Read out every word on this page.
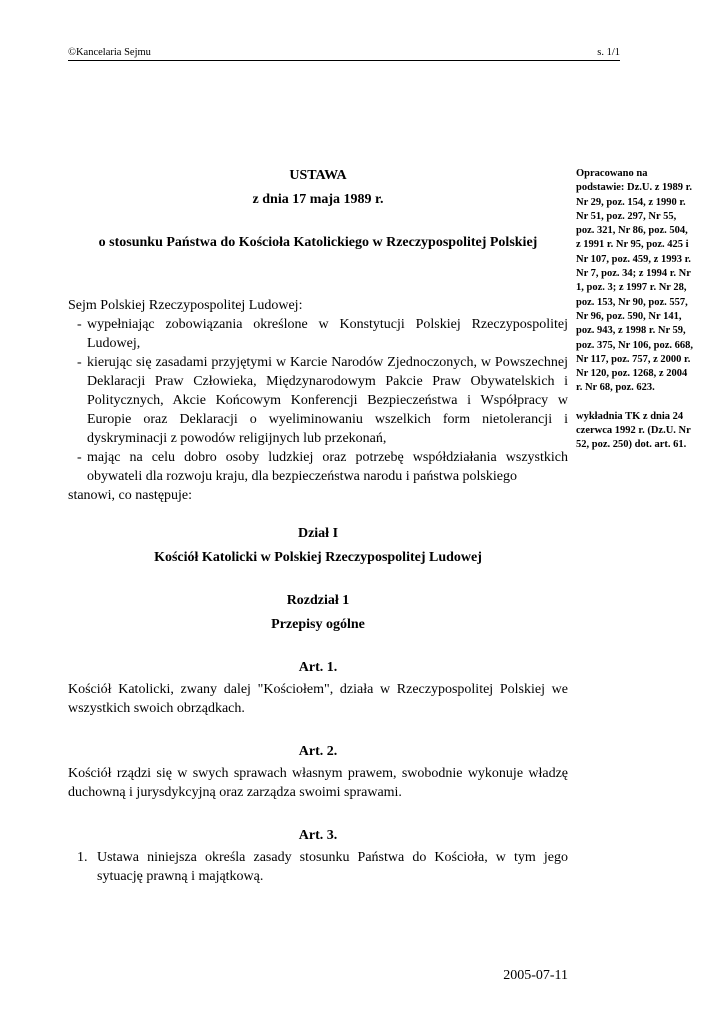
©Kancelaria Sejmu	s. 1/1
USTAWA
z dnia 17 maja 1989 r.
o stosunku Państwa do Kościoła Katolickiego w Rzeczypospolitej Polskiej
Sejm Polskiej Rzeczypospolitej Ludowej:
- wypełniając zobowiązania określone w Konstytucji Polskiej Rzeczypospolitej Ludowej,
- kierując się zasadami przyjętymi w Karcie Narodów Zjednoczonych, w Powszechnej Deklaracji Praw Człowieka, Międzynarodowym Pakcie Praw Obywatelskich i Politycznych, Akcie Końcowym Konferencji Bezpieczeństwa i Współpracy w Europie oraz Deklaracji o wyeliminowaniu wszelkich form nietolerancji i dyskryminacji z powodów religijnych lub przekonań,
- mając na celu dobro osoby ludzkiej oraz potrzebę współdziałania wszystkich obywateli dla rozwoju kraju, dla bezpieczeństwa narodu i państwa polskiego
stanowi, co następuje:
Dział I
Kościół Katolicki w Polskiej Rzeczypospolitej Ludowej
Rozdział 1
Przepisy ogólne
Art. 1.
Kościół Katolicki, zwany dalej "Kościołem", działa w Rzeczypospolitej Polskiej we wszystkich swoich obrządkach.
Art. 2.
Kościół rządzi się w swych sprawach własnym prawem, swobodnie wykonuje władzę duchowną i jurysdykcyjną oraz zarządza swoimi sprawami.
Art. 3.
1. Ustawa niniejsza określa zasady stosunku Państwa do Kościoła, w tym jego sytuację prawną i majątkową.

Opracowano na podstawie: Dz.U. z 1989 r. Nr 29, poz. 154, z 1990 r. Nr 51, poz. 297, Nr 55, poz. 321, Nr 86, poz. 504, z 1991 r. Nr 95, poz. 425 i Nr 107, poz. 459, z 1993 r. Nr 7, poz. 34; z 1994 r. Nr 1, poz. 3; z 1997 r. Nr 28, poz. 153, Nr 90, poz. 557, Nr 96, poz. 590, Nr 141, poz. 943, z 1998 r. Nr 59, poz. 375, Nr 106, poz. 668, Nr 117, poz. 757, z 2000 r. Nr 120, poz. 1268, z 2004 r. Nr 68, poz. 623.

wykładnia TK z dnia 24 czerwca 1992 r. (Dz.U. Nr 52, poz. 250) dot. art. 61.

2005-07-11
